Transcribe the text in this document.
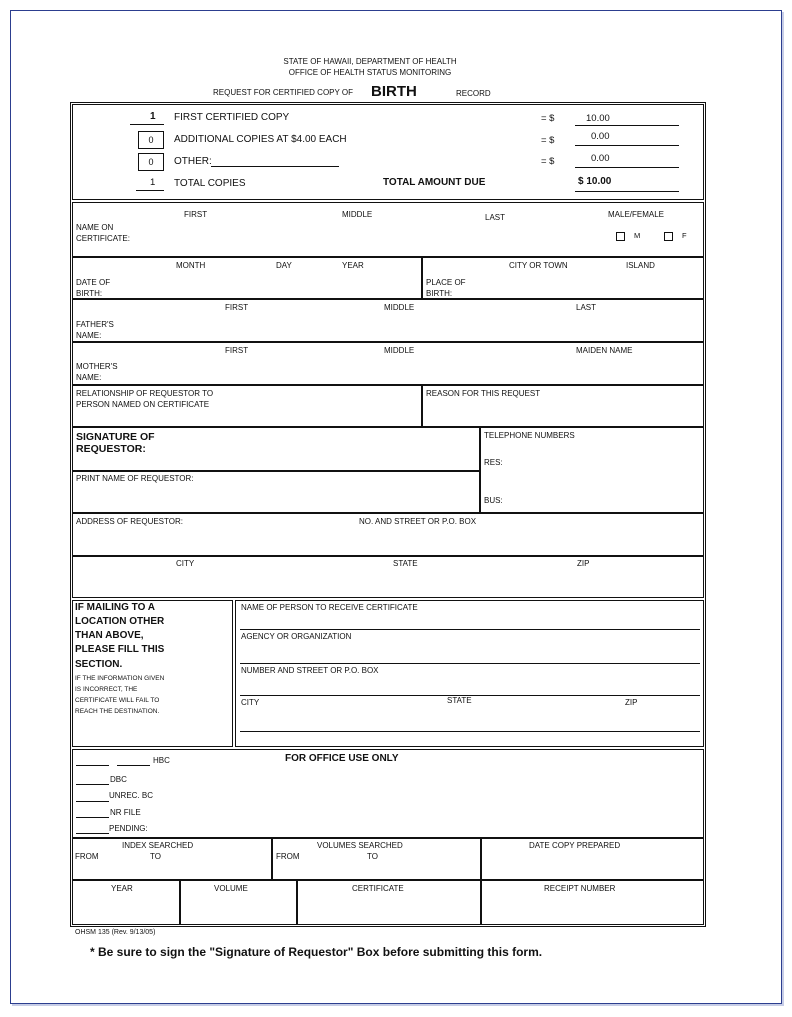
STATE OF HAWAII, DEPARTMENT OF HEALTH
OFFICE OF HEALTH STATUS MONITORING
REQUEST FOR CERTIFIED COPY OF BIRTH	RECORD
1 FIRST CERTIFIED COPY	= $	10.00
0	ADDITIONAL COPIES AT $4.00 EACH	= $	0.00
0	OTHER:	= $	0.00
1 TOTAL COPIES	TOTAL AMOUNT DUE	$ 10.00
FIRST	MIDDLE	LAST	MALE/FEMALE
NAME ON
CERTIFICATE:	M	F
MONTH	DAY	YEAR
DATE OF
BIRTH:
CITY OR TOWN	ISLAND
PLACE OF
BIRTH:
FIRST	MIDDLE	LAST
FATHER'S
NAME:
FIRST	MIDDLE	MAIDEN NAME
MOTHER'S
NAME:
RELATIONSHIP OF REQUESTOR TO
PERSON NAMED ON CERTIFICATE
REASON FOR THIS REQUEST
SIGNATURE OF
REQUESTOR:
TELEPHONE NUMBERS
RES:
BUS:
PRINT NAME OF REQUESTOR:
ADDRESS OF REQUESTOR:	NO. AND STREET OR P.O. BOX
CITY	STATE	ZIP
IF MAILING TO A
LOCATION OTHER
THAN ABOVE,
PLEASE FILL THIS
SECTION.
IF THE INFORMATION GIVEN
IS INCORRECT, THE
CERTIFICATE WILL FAIL TO
REACH THE DESTINATION.
NAME OF PERSON TO RECEIVE CERTIFICATE
AGENCY OR ORGANIZATION
NUMBER AND STREET OR P.O. BOX
CITY	STATE	ZIP
FOR OFFICE USE ONLY
HBC
DBC
UNREC. BC
NR FILE
PENDING:
INDEX SEARCHED
FROM	TO
VOLUMES SEARCHED
FROM	TO
DATE COPY PREPARED
YEAR	VOLUME	CERTIFICATE	RECEIPT NUMBER
OHSM 135 (Rev. 9/13/05)
* Be sure to sign the "Signature of Requestor" Box before submitting this form.
